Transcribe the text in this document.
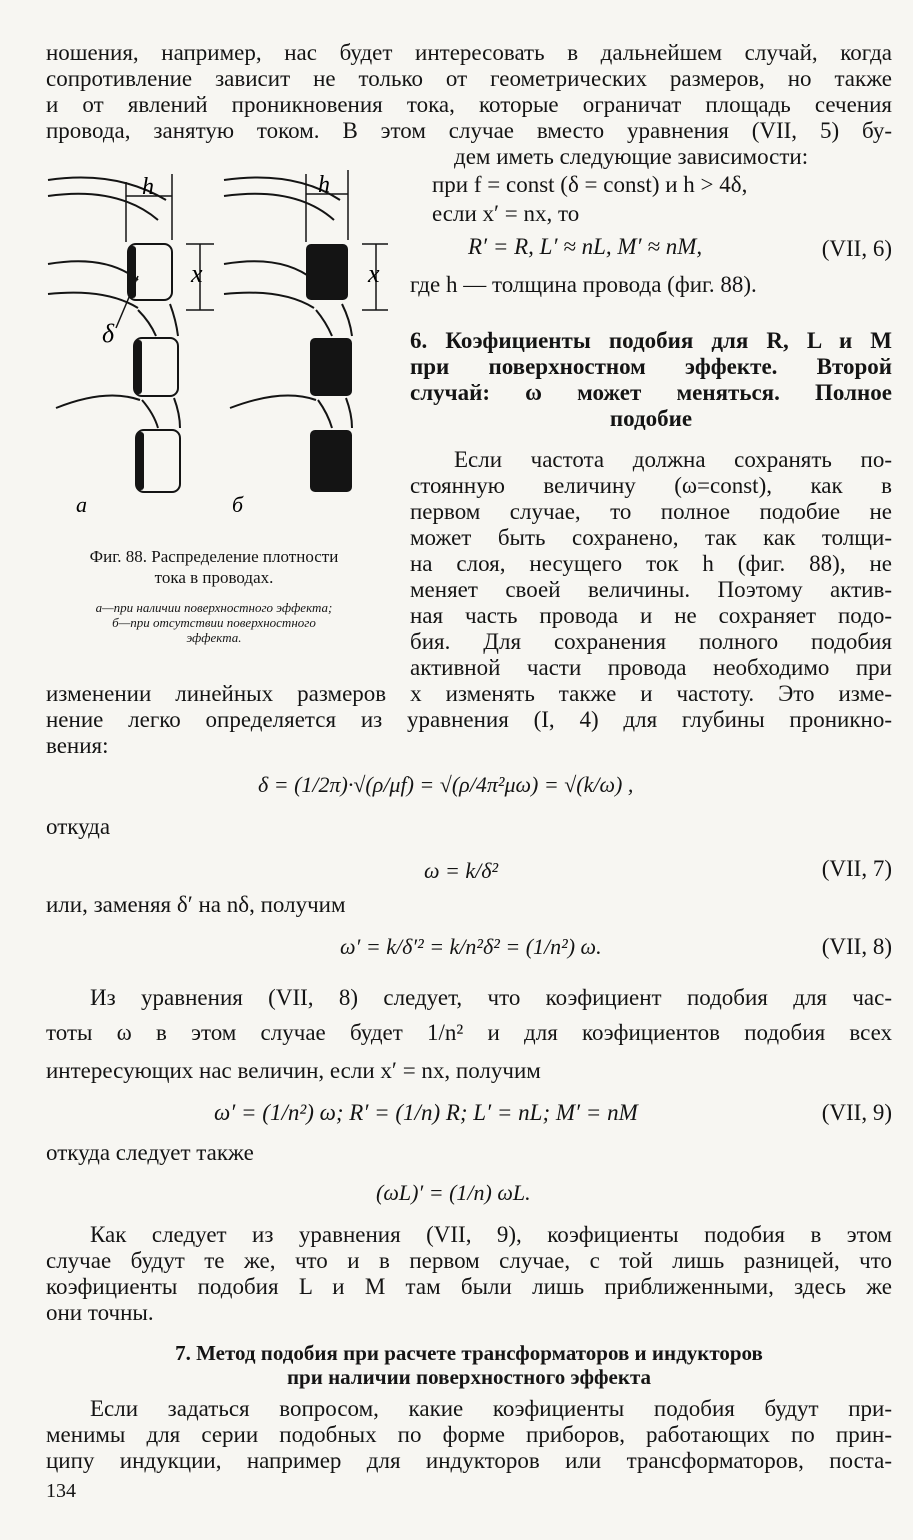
ношения, например, нас будет интересовать в дальнейшем случай, когда
сопротивление зависит не только от геометрических размеров, но также
и от явлений проникновения тока, которые ограничат площадь сечения
провода, занятую током. В этом случае вместо уравнения (VII, 5) бу-
дем иметь следующие зависимости:
при f = const (δ = const) и h > 4δ,
если x′ = nx, то
R′ = R, L′ ≈ nL, M′ ≈ nM,	(VII, 6)
где h — толщина провода (фиг. 88).
6. Коэфициенты подобия для R, L и M
при поверхностном эффекте. Второй
случай: ω может меняться. Полное
подобие
Если частота должна сохранять по-
стоянную величину (ω=const), как в
первом случае, то полное подобие не
может быть сохранено, так как толщи-
на слоя, несущего ток h (фиг. 88), не
меняет своей величины. Поэтому актив-
ная часть провода и не сохраняет подо-
бия. Для сохранения полного подобия
активной части провода необходимо при
h
x
δ
h
x
а	б
Фиг. 88. Распределение плотности
тока в проводах.
а—при наличии поверхностного эффекта;
б—при отсутствии поверхностного
эффекта.
изменении линейных размеров x изменять также и частоту. Это изме-
нение легко определяется из уравнения (I, 4) для глубины проникно-
вения:
δ = (1/2π)·√(ρ/μf) = √(ρ/4π²μω) = √(k/ω) ,
откуда
ω = k/δ²	(VII, 7)
или, заменяя δ′ на nδ, получим
ω′ = k/δ′² = k/n²δ² = (1/n²) ω.	(VII, 8)
Из уравнения (VII, 8) следует, что коэфициент подобия для час-
тоты ω в этом случае будет 1/n² и для коэфициентов подобия всех
интересующих нас величин, если x′ = nx, получим
ω′ = (1/n²) ω; R′ = (1/n) R; L′ = nL; M′ = nM	(VII, 9)
откуда следует также
(ωL)′ = (1/n) ωL.
Как следует из уравнения (VII, 9), коэфициенты подобия в этом
случае будут те же, что и в первом случае, с той лишь разницей, что
коэфициенты подобия L и M там были лишь приближенными, здесь же
они точны.
7. Метод подобия при расчете трансформаторов и индукторов
при наличии поверхностного эффекта
Если задаться вопросом, какие коэфициенты подобия будут при-
менимы для серии подобных по форме приборов, работающих по прин-
ципу индукции, например для индукторов или трансформаторов, поста-
134
